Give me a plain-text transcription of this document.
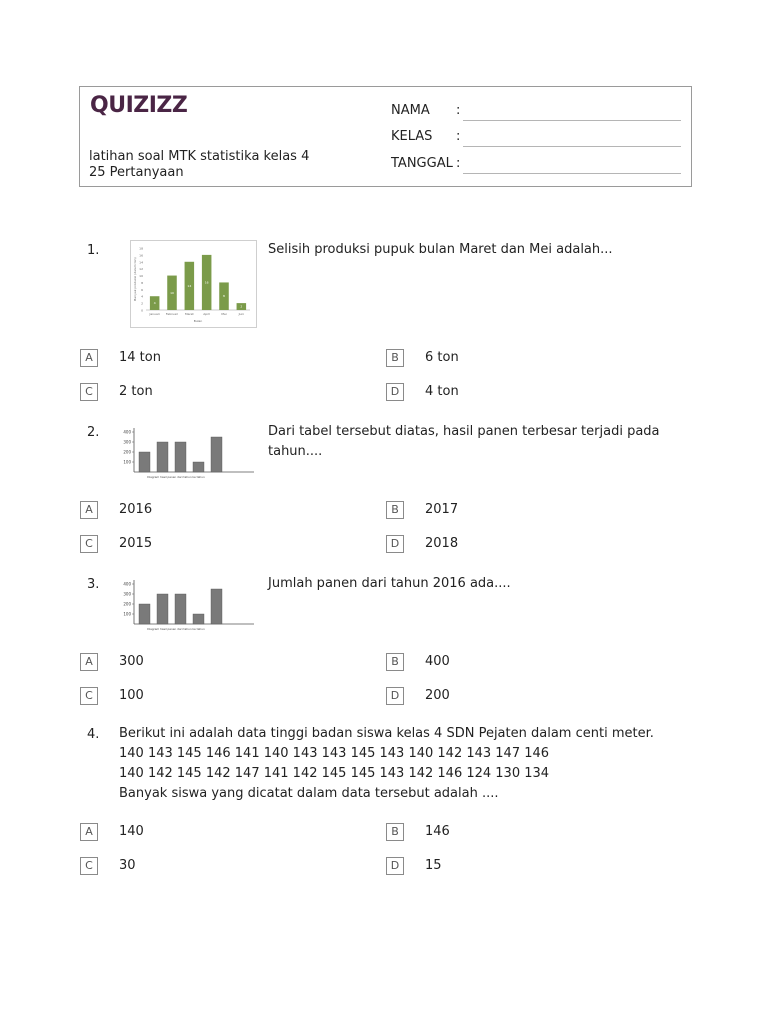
QUIZIZZ
latihan soal MTK statistika kelas 4
25 Pertanyaan
NAMA :
KELAS :
TANGGAL :
1.
0
2
4
6
8
10
12
14
16
18
Banyak produksi (dalam ton)
4
Januari
10
Februari
14
Maret
16
April
8
Mei
2
Juni
Bulan
Selisih produksi pupuk bulan Maret dan Mei adalah...
A	14 ton	B	6 ton
C	2 ton	D	4 ton
2.	400
300
200
100
Diagram hasil panen dari tahun ke tahun
Dari tabel tersebut diatas, hasil panen terbesar terjadi pada tahun....
A	2016	B	2017
C	2015	D	2018
3.	400
300
200
100
Diagram hasil panen dari tahun ke tahun
Jumlah panen dari tahun 2016 ada....
A	300	B	400
C	100	D	200
4. Berikut ini adalah data tinggi badan siswa kelas 4 SDN Pejaten dalam centi meter.
140 143 145 146 141 140 143 143 145 143 140 142 143 147 146
140 142 145 142 147 141 142 145 145 143 142 146 124 130 134
Banyak siswa yang dicatat dalam data tersebut adalah ....
A	140	B	146
C	30	D	15
